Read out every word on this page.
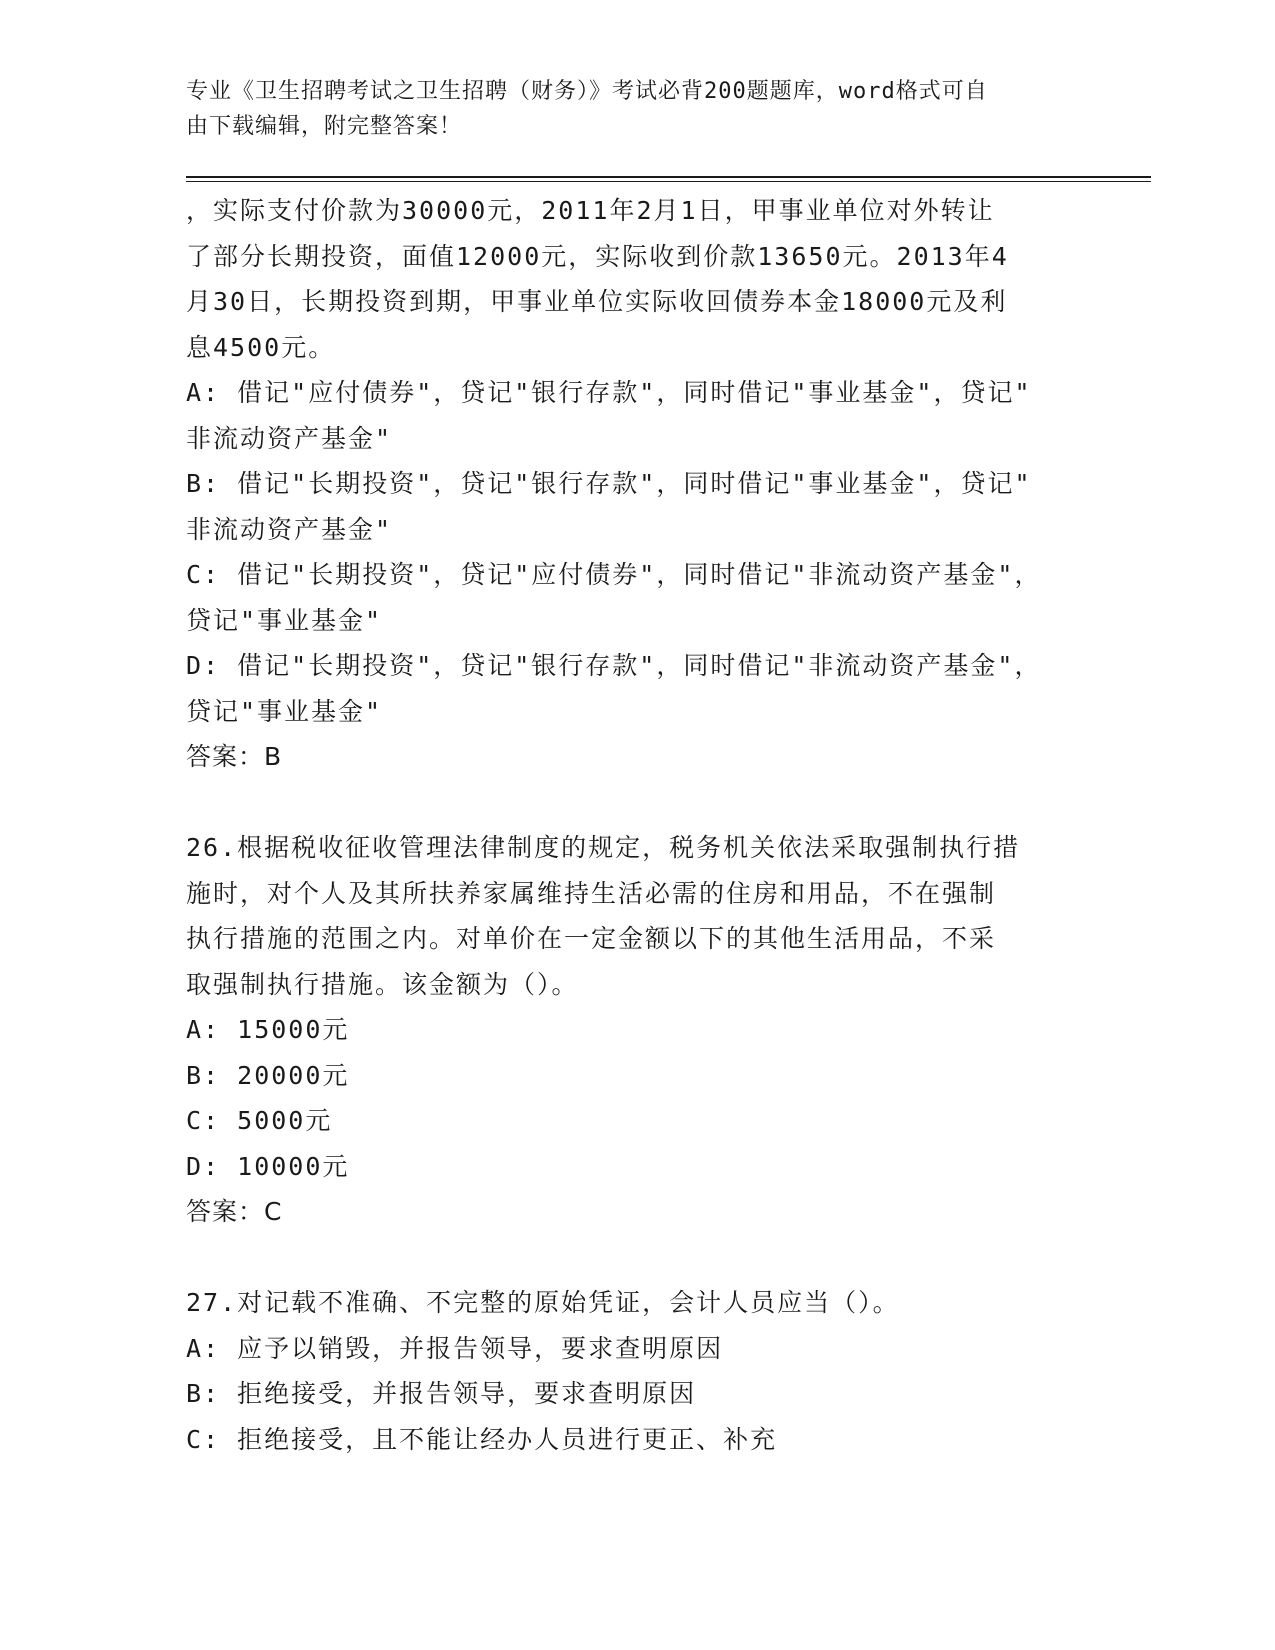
专业《卫生招聘考试之卫生招聘（财务）》考试必背200题题库，word格式可自
由下载编辑，附完整答案！
，实际支付价款为30000元，2011年2月1日，甲事业单位对外转让
了部分长期投资，面值12000元，实际收到价款13650元。2013年4
月30日，长期投资到期，甲事业单位实际收回债券本金18000元及利
息4500元。
A: 借记"应付债券"，贷记"银行存款"，同时借记"事业基金"，贷记"
非流动资产基金"
B: 借记"长期投资"，贷记"银行存款"，同时借记"事业基金"，贷记"
非流动资产基金"
C: 借记"长期投资"，贷记"应付债券"，同时借记"非流动资产基金"，
贷记"事业基金"
D: 借记"长期投资"，贷记"银行存款"，同时借记"非流动资产基金"，
贷记"事业基金"
答案：B
26.根据税收征收管理法律制度的规定，税务机关依法采取强制执行措
施时，对个人及其所扶养家属维持生活必需的住房和用品，不在强制
执行措施的范围之内。对单价在一定金额以下的其他生活用品，不采
取强制执行措施。该金额为（）。
A: 15000元
B: 20000元
C: 5000元
D: 10000元
答案：C
27.对记载不准确、不完整的原始凭证，会计人员应当（）。
A: 应予以销毁，并报告领导，要求查明原因
B: 拒绝接受，并报告领导，要求查明原因
C: 拒绝接受，且不能让经办人员进行更正、补充
